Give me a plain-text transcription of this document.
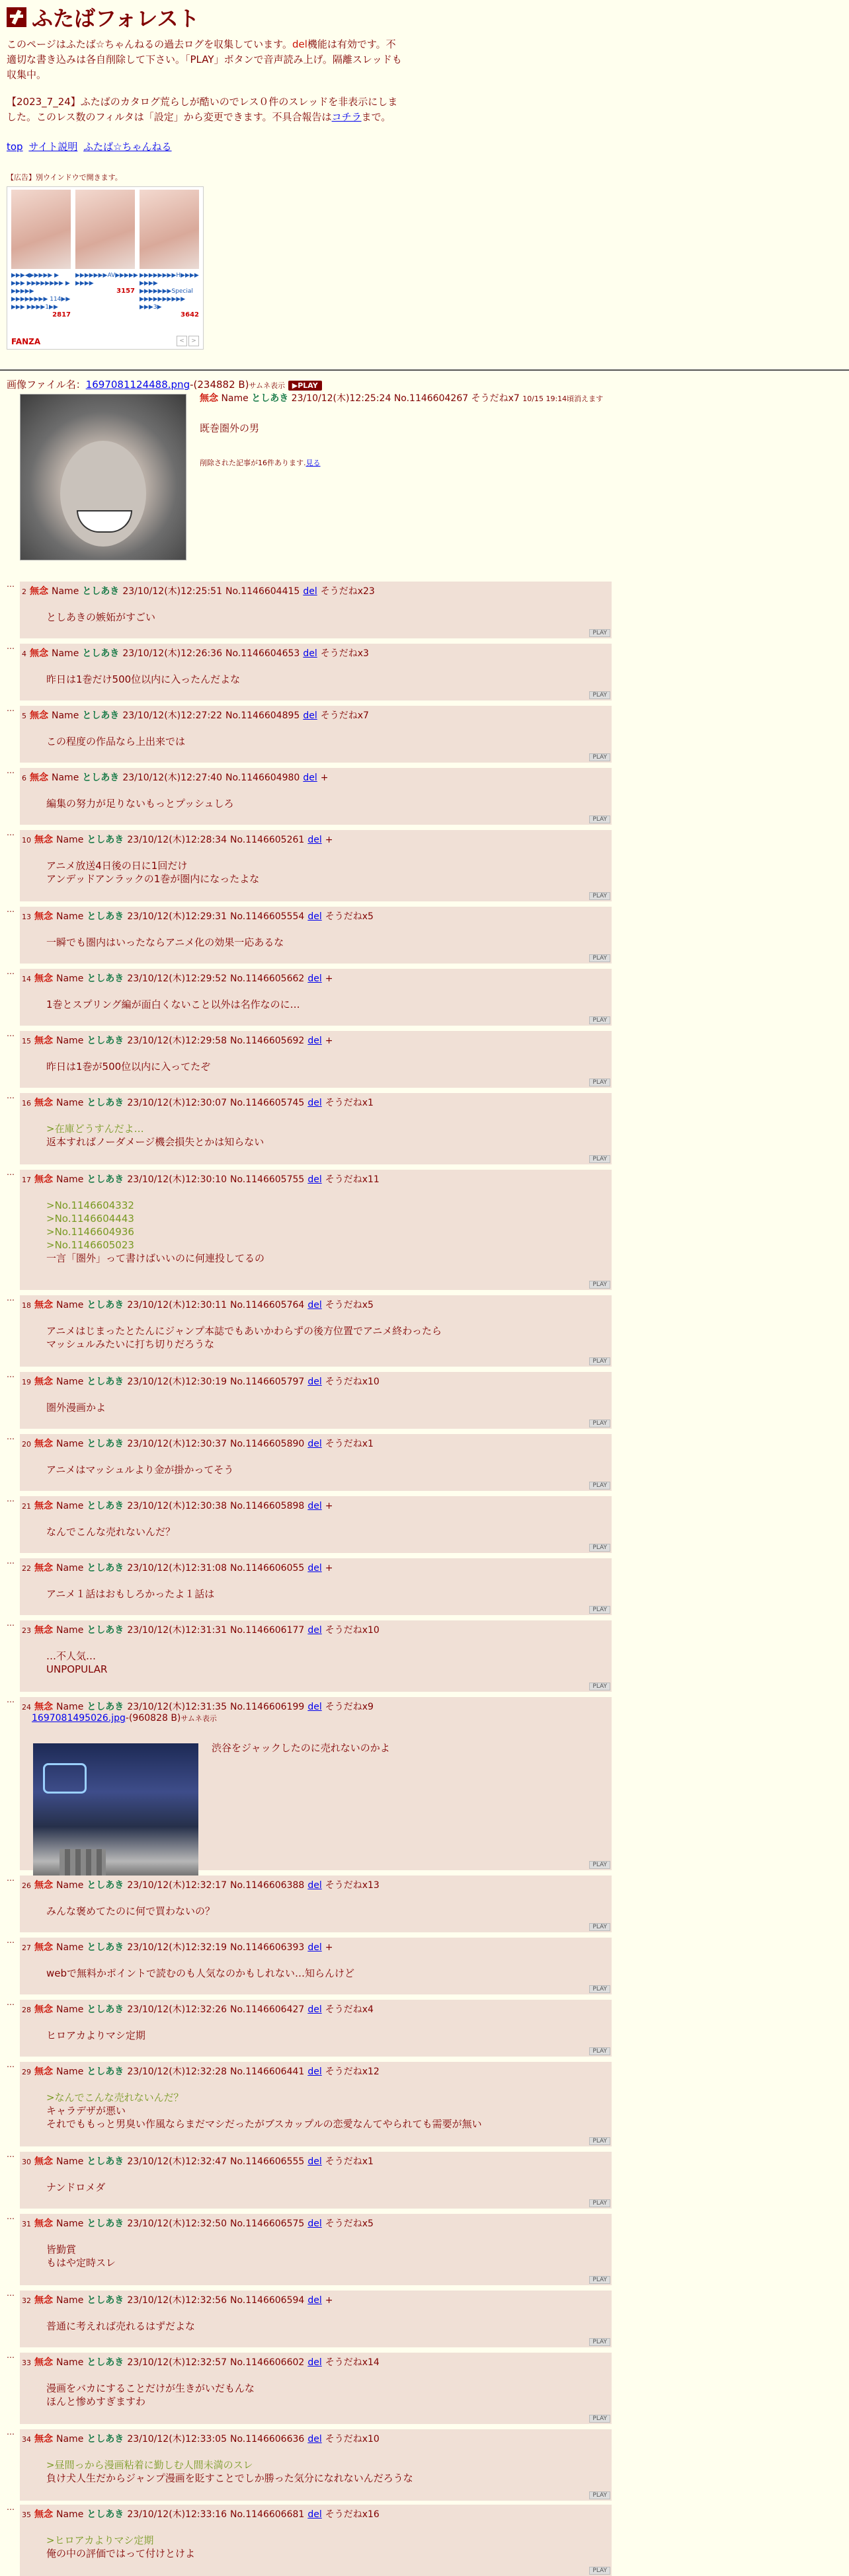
ふたばフォレスト

このページはふたば☆ちゃんねるの過去ログを収集しています。del機能は有効です。不適切な書き込みは各自削除して下さい。「PLAY」ボタンで音声読み上げ。隔離スレッドも収集中。

【2023_7_24】ふたばのカタログ荒らしが酷いのでレス０件のスレッドを非表示にしました。このレス数のフィルタは「設定」から変更できます。不具合報告はコチラまで。

top サイト説明 ふたば☆ちゃんねる
【広告】別ウインドウで開きます。
▶▶▶◀▶▶▶▶▶ ▶ ▶▶▶ ▶▶▶▶▶▶▶▶ ▶ ▶▶▶▶▶ ▶▶▶▶▶▶▶▶ 114▶▶ ▶▶▶ ▶▶▶▶1▶▶
2817
▶▶▶▶▶▶▶AV▶▶▶▶▶ ▶▶▶▶
3157
▶▶▶▶▶▶▶▶H▶▶▶▶ ▶▶▶▶ ▶▶▶▶▶▶▶Special ▶▶▶▶▶▶▶▶▶▶ ▶▶▶3▶
3642
FANZA	<	>
画像ファイル名：1697081124488.png-(234882 B)サムネ表示 ▶PLAY
無念 Name としあき 23/10/12(木)12:25:24 No.1146604267 そうだねx7 10/15 19:14頃消えます
既巻圏外の男
削除された記事が16件あります.見る
⋯
2 無念 Name としあき 23/10/12(木)12:25:51 No.1146604415 del そうだねx23
としあきの嫉妬がすごい
PLAY
⋯
4 無念 Name としあき 23/10/12(木)12:26:36 No.1146604653 del そうだねx3
昨日は1巻だけ500位以内に入ったんだよな
PLAY
⋯
5 無念 Name としあき 23/10/12(木)12:27:22 No.1146604895 del そうだねx7
この程度の作品なら上出来では
PLAY
⋯
6 無念 Name としあき 23/10/12(木)12:27:40 No.1146604980 del +
編集の努力が足りないもっとプッシュしろ
PLAY
⋯
10 無念 Name としあき 23/10/12(木)12:28:34 No.1146605261 del +
アニメ放送4日後の日に1回だけ
アンデッドアンラックの1巻が圏内になったよな
PLAY
⋯
13 無念 Name としあき 23/10/12(木)12:29:31 No.1146605554 del そうだねx5
一瞬でも圏内はいったならアニメ化の効果一応あるな
PLAY
⋯
14 無念 Name としあき 23/10/12(木)12:29:52 No.1146605662 del +
1巻とスプリング編が面白くないこと以外は名作なのに…
PLAY
⋯
15 無念 Name としあき 23/10/12(木)12:29:58 No.1146605692 del +
昨日は1巻が500位以内に入ってたぞ
PLAY
⋯
16 無念 Name としあき 23/10/12(木)12:30:07 No.1146605745 del そうだねx1
>在庫どうすんだよ…
返本すればノーダメージ機会損失とかは知らない
PLAY
⋯
17 無念 Name としあき 23/10/12(木)12:30:10 No.1146605755 del そうだねx11
>No.1146604332
>No.1146604443
>No.1146604936
>No.1146605023
一言「圏外」って書けばいいのに何連投してるの
PLAY
⋯
18 無念 Name としあき 23/10/12(木)12:30:11 No.1146605764 del そうだねx5
アニメはじまったとたんにジャンプ本誌でもあいかわらずの後方位置でアニメ終わったら
マッシュルみたいに打ち切りだろうな
PLAY
⋯
19 無念 Name としあき 23/10/12(木)12:30:19 No.1146605797 del そうだねx10
圏外漫画かよ
PLAY
⋯
20 無念 Name としあき 23/10/12(木)12:30:37 No.1146605890 del そうだねx1
アニメはマッシュルより金が掛かってそう
PLAY
⋯
21 無念 Name としあき 23/10/12(木)12:30:38 No.1146605898 del +
なんでこんな売れないんだ？
PLAY
⋯
22 無念 Name としあき 23/10/12(木)12:31:08 No.1146606055 del +
アニメ１話はおもしろかったよ１話は
PLAY
⋯
23 無念 Name としあき 23/10/12(木)12:31:31 No.1146606177 del そうだねx10
…不人気…
UNPOPULAR
PLAY
⋯
24 無念 Name としあき 23/10/12(木)12:31:35 No.1146606199 del そうだねx9
1697081495026.jpg-(960828 B)サムネ表示
渋谷をジャックしたのに売れないのかよ
PLAY
⋯
26 無念 Name としあき 23/10/12(木)12:32:17 No.1146606388 del そうだねx13
みんな褒めてたのに何で買わないの？
PLAY
⋯
27 無念 Name としあき 23/10/12(木)12:32:19 No.1146606393 del +
webで無料かポイントで読むのも人気なのかもしれない…知らんけど
PLAY
⋯
28 無念 Name としあき 23/10/12(木)12:32:26 No.1146606427 del そうだねx4
ヒロアカよりマシ定期
PLAY
⋯
29 無念 Name としあき 23/10/12(木)12:32:28 No.1146606441 del そうだねx12
>なんでこんな売れないんだ？
キャラデザが悪い
それでももっと男臭い作風ならまだマシだったがブスカップルの恋愛なんてやられても需要が無い
PLAY
⋯
30 無念 Name としあき 23/10/12(木)12:32:47 No.1146606555 del そうだねx1
ナンドロメダ
PLAY
⋯
31 無念 Name としあき 23/10/12(木)12:32:50 No.1146606575 del そうだねx5
皆勤賞
もはや定時スレ
PLAY
⋯
32 無念 Name としあき 23/10/12(木)12:32:56 No.1146606594 del +
普通に考えれば売れるはずだよな
PLAY
⋯
33 無念 Name としあき 23/10/12(木)12:32:57 No.1146606602 del そうだねx14
漫画をバカにすることだけが生きがいだもんな
ほんと惨めすぎますわ
PLAY
⋯
34 無念 Name としあき 23/10/12(木)12:33:05 No.1146606636 del そうだねx10
>昼間っから漫画粘着に勤しむ人間未満のスレ
負け犬人生だからジャンプ漫画を貶すことでしか勝った気分になれないんだろうな
PLAY
⋯
35 無念 Name としあき 23/10/12(木)12:33:16 No.1146606681 del そうだねx16
>ヒロアカよりマシ定期
俺の中の評価ではって付けとけよ
PLAY
